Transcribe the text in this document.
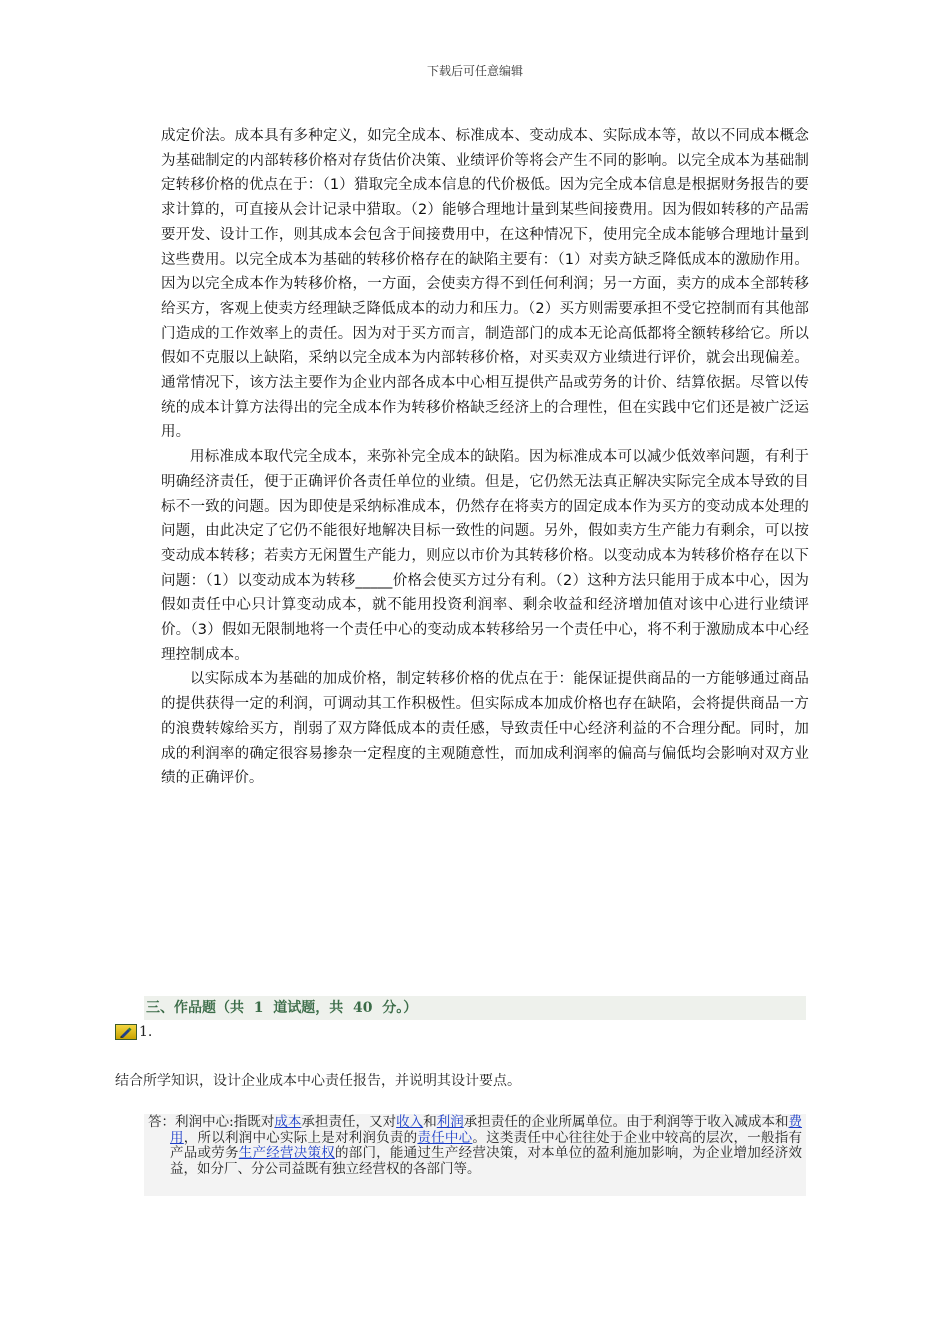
下载后可任意编辑

成定价法。成本具有多种定义，如完全成本、标准成本、变动成本、实际成本等，故以不同成本概念为基础制定的内部转移价格对存货估价决策、业绩评价等将会产生不同的影响。以完全成本为基础制定转移价格的优点在于：（1）猎取完全成本信息的代价极低。因为完全成本信息是根据财务报告的要求计算的，可直接从会计记录中猎取。（2）能够合理地计量到某些间接费用。因为假如转移的产品需要开发、设计工作，则其成本会包含于间接费用中，在这种情况下，使用完全成本能够合理地计量到这些费用。以完全成本为基础的转移价格存在的缺陷主要有：（1）对卖方缺乏降低成本的激励作用。因为以完全成本作为转移价格，一方面，会使卖方得不到任何利润；另一方面，卖方的成本全部转移给买方，客观上使卖方经理缺乏降低成本的动力和压力。（2）买方则需要承担不受它控制而有其他部门造成的工作效率上的责任。因为对于买方而言，制造部门的成本无论高低都将全额转移给它。所以假如不克服以上缺陷，采纳以完全成本为内部转移价格，对买卖双方业绩进行评价，就会出现偏差。通常情况下，该方法主要作为企业内部各成本中心相互提供产品或劳务的计价、结算依据。尽管以传统的成本计算方法得出的完全成本作为转移价格缺乏经济上的合理性，但在实践中它们还是被广泛运用。

用标准成本取代完全成本，来弥补完全成本的缺陷。因为标准成本可以减少低效率问题，有利于明确经济责任，便于正确评价各责任单位的业绩。但是，它仍然无法真正解决实际完全成本导致的目标不一致的问题。因为即使是采纳标准成本，仍然存在将卖方的固定成本作为买方的变动成本处理的问题，由此决定了它仍不能很好地解决目标一致性的问题。另外，假如卖方生产能力有剩余，可以按变动成本转移；若卖方无闲置生产能力，则应以市价为其转移价格。以变动成本为转移价格存在以下问题：（1）以变动成本为转移_____价格会使买方过分有利。（2）这种方法只能用于成本中心，因为假如责任中心只计算变动成本，就不能用投资利润率、剩余收益和经济增加值对该中心进行业绩评价。（3）假如无限制地将一个责任中心的变动成本转移给另一个责任中心，将不利于激励成本中心经理控制成本。

以实际成本为基础的加成价格，制定转移价格的优点在于：能保证提供商品的一方能够通过商品的提供获得一定的利润，可调动其工作积极性。但实际成本加成价格也存在缺陷，会将提供商品一方的浪费转嫁给买方，削弱了双方降低成本的责任感，导致责任中心经济利益的不合理分配。同时，加成的利润率的确定很容易掺杂一定程度的主观随意性，而加成利润率的偏高与偏低均会影响对双方业绩的正确评价。

三、作品题（共  1  道试题，共  40  分。）
1.
结合所学知识，设计企业成本中心责任报告，并说明其设计要点。
答：利润中心:指既对成本承担责任，又对收入和利润承担责任的企业所属单位。由于利润等于收入减成本和费用，所以利润中心实际上是对利润负责的责任中心。这类责任中心往往处于企业中较高的层次，一般指有产品或劳务生产经营决策权的部门，能通过生产经营决策，对本单位的盈利施加影响，为企业增加经济效益，如分厂、分公司益既有独立经营权的各部门等。
